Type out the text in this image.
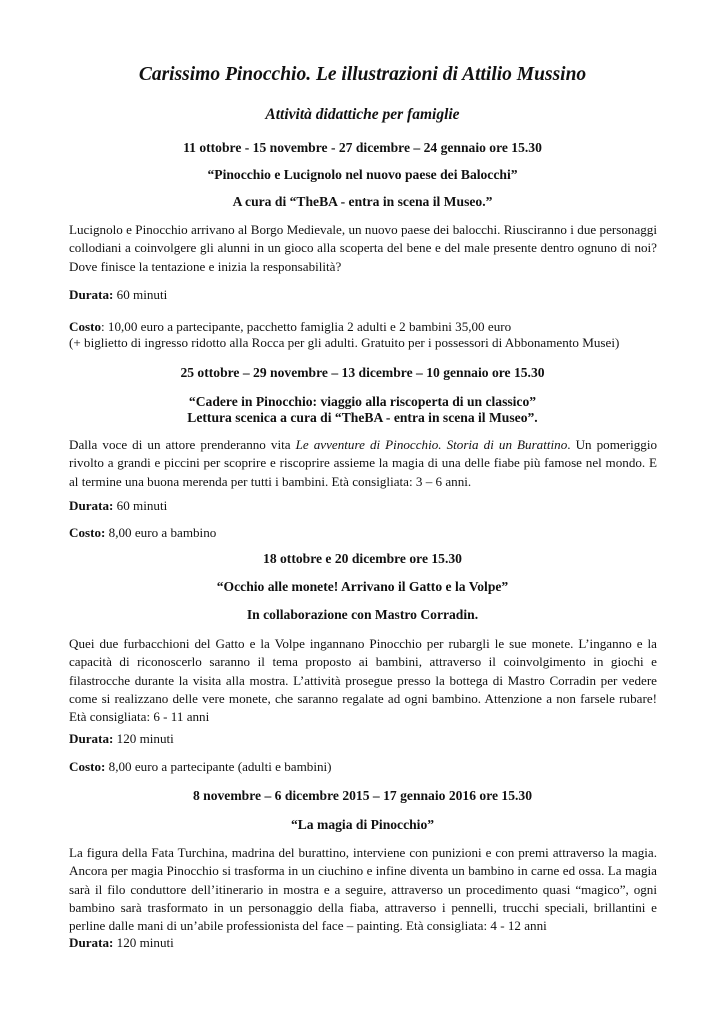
Carissimo Pinocchio. Le illustrazioni di Attilio Mussino
Attività didattiche per famiglie

11 ottobre - 15 novembre - 27 dicembre – 24 gennaio ore 15.30

“Pinocchio e Lucignolo nel nuovo paese dei Balocchi”

A cura di “TheBA - entra in scena il Museo.”

Lucignolo e Pinocchio arrivano al Borgo Medievale, un nuovo paese dei balocchi. Riusciranno i due personaggi collodiani a coinvolgere gli alunni in un gioco alla scoperta del bene e del male presente dentro ognuno di noi? Dove finisce la tentazione e inizia la responsabilità?

Durata: 60 minuti

Costo: 10,00 euro a partecipante, pacchetto famiglia 2 adulti e 2 bambini 35,00 euro

(+ biglietto di ingresso ridotto alla Rocca per gli adulti. Gratuito per i possessori di Abbonamento Musei)

25 ottobre – 29 novembre – 13 dicembre – 10 gennaio ore 15.30

“Cadere in Pinocchio: viaggio alla riscoperta di un classico”

Lettura scenica a cura di “TheBA - entra in scena il Museo”.

Dalla voce di un attore prenderanno vita Le avventure di Pinocchio. Storia di un Burattino. Un pomeriggio rivolto a grandi e piccini per scoprire e riscoprire assieme la magia di una delle fiabe più famose nel mondo. E al termine una buona merenda per tutti i bambini. Età consigliata: 3 – 6 anni.

Durata: 60 minuti

Costo: 8,00 euro a bambino

18 ottobre e 20 dicembre ore 15.30

“Occhio alle monete! Arrivano il Gatto e la Volpe”

In collaborazione con Mastro Corradin.

Quei due furbacchioni del Gatto e la Volpe ingannano Pinocchio per rubargli le sue monete. L’inganno e la capacità di riconoscerlo saranno il tema proposto ai bambini, attraverso il coinvolgimento in giochi e filastrocche durante la visita alla mostra. L’attività prosegue presso la bottega di Mastro Corradin per vedere come si realizzano delle vere monete, che saranno regalate ad ogni bambino. Attenzione a non farsele rubare! Età consigliata: 6 - 11 anni

Durata: 120 minuti

Costo: 8,00 euro a partecipante (adulti e bambini)

8 novembre – 6 dicembre 2015 – 17 gennaio 2016 ore 15.30

“La magia di Pinocchio”

La figura della Fata Turchina, madrina del burattino, interviene con punizioni e con premi attraverso la magia. Ancora per magia Pinocchio si trasforma in un ciuchino e infine diventa un bambino in carne ed ossa. La magia sarà il filo conduttore dell’itinerario in mostra e a seguire, attraverso un procedimento quasi “magico”, ogni bambino sarà trasformato in un personaggio della fiaba, attraverso i pennelli, trucchi speciali, brillantini e perline dalle mani di un’abile professionista del face – painting. Età consigliata: 4 - 12 anni

Durata: 120 minuti
